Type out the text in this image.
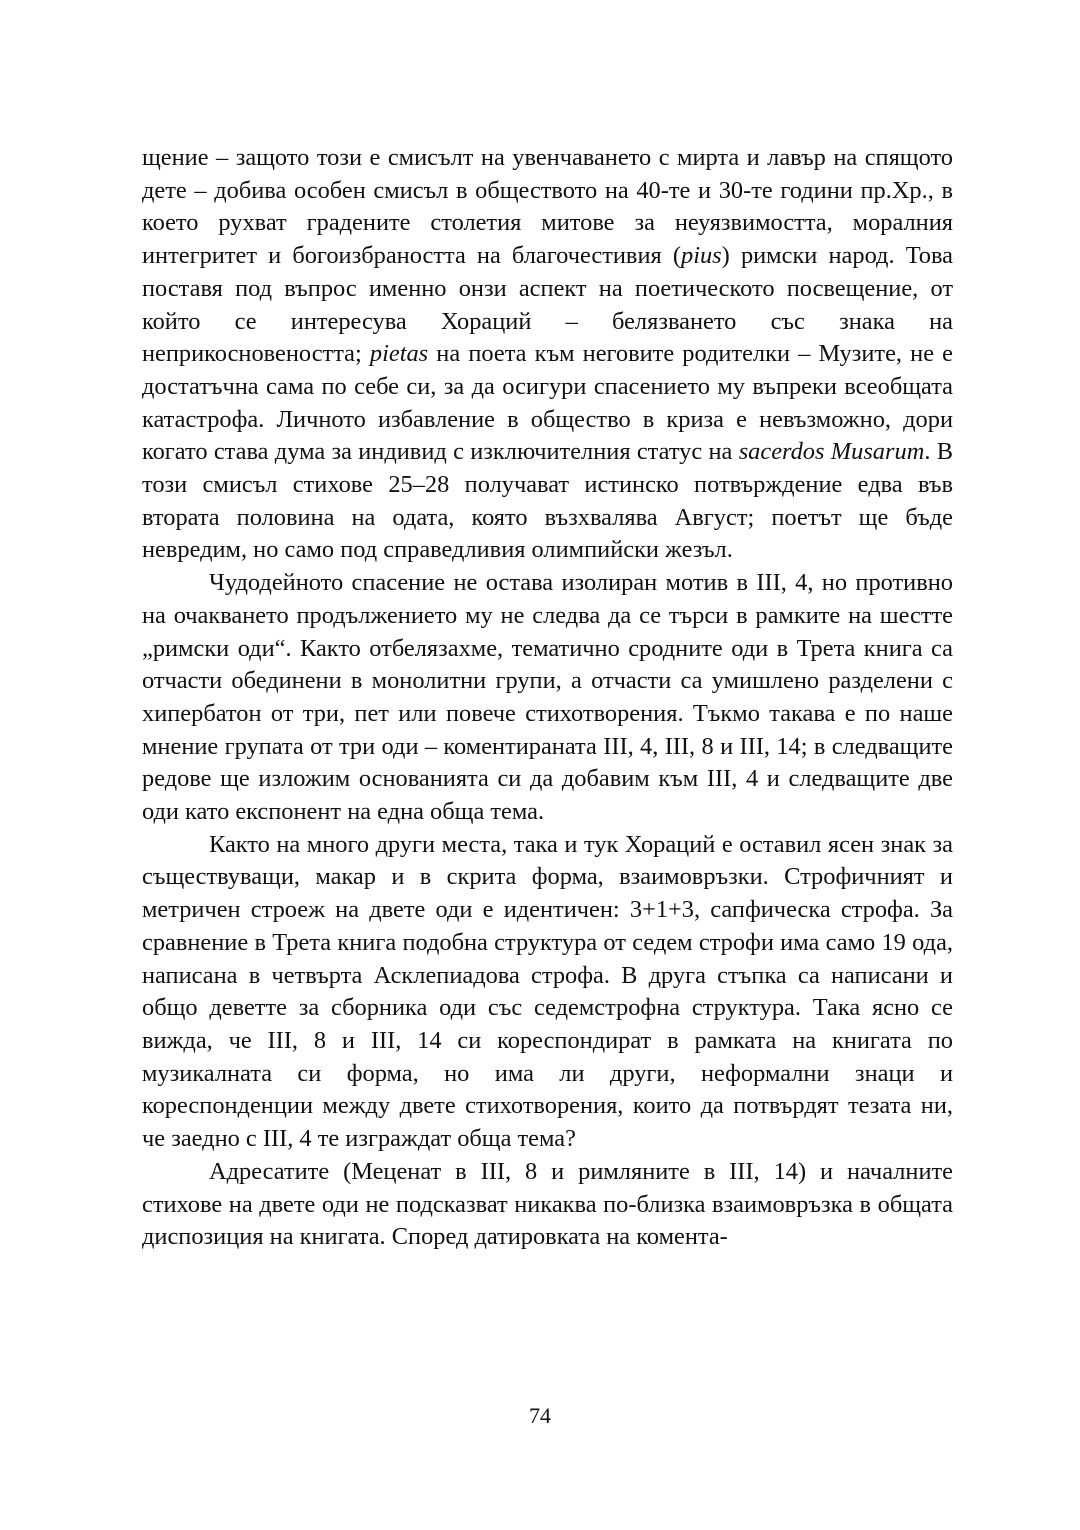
щение – защото този е смисълт на увенчаването с мирта и лавър на спящото дете – добива особен смисъл в обществото на 40-те и 30-те години пр.Хр., в което рухват градените столетия митове за неуязвимостта, моралния интегритет и богоизбраността на благочестивия (pius) римски народ. Това поставя под въпрос именно онзи аспект на поетическото посвещение, от който се интересува Хораций – белязването със знака на неприкосновеността; pietas на поета към неговите родителки – Музите, не е достатъчна сама по себе си, за да осигури спасението му въпреки всеобщата катастрофа. Личното избавление в общество в криза е невъзможно, дори когато става дума за индивид с изключителния статус на sacerdos Musarum. В този смисъл стихове 25–28 получават истинско потвърждение едва във втората половина на одата, която възхвалява Август; поетът ще бъде невредим, но само под справедливия олимпийски жезъл.

Чудодейното спасение не остава изолиран мотив в III, 4, но противно на очакването продължението му не следва да се търси в рамките на шестте „римски оди“. Както отбелязахме, тематично сродните оди в Трета книга са отчасти обединени в монолитни групи, а отчасти са умишлено разделени с хипербатон от три, пет или повече стихотворения. Тъкмо такава е по наше мнение групата от три оди – коментираната III, 4, III, 8 и III, 14; в следващите редове ще изложим основанията си да добавим към III, 4 и следващите две оди като експонент на една обща тема.

Както на много други места, така и тук Хораций е оставил ясен знак за съществуващи, макар и в скрита форма, взаимовръзки. Строфичният и метричен строеж на двете оди е идентичен: 3+1+3, сапфическа строфа. За сравнение в Трета книга подобна структура от седем строфи има само 19 ода, написана в четвърта Асклепиадова строфа. В друга стъпка са написани и общо деветте за сборника оди със седемстрофна структура. Така ясно се вижда, че III, 8 и III, 14 си кореспондират в рамката на книгата по музикалната си форма, но има ли други, неформални знаци и кореспонденции между двете стихотворения, които да потвърдят тезата ни, че заедно с III, 4 те изграждат обща тема?

Адресатите (Меценат в III, 8 и римляните в III, 14) и началните стихове на двете оди не подсказват никаква по-близка взаимовръзка в общата диспозиция на книгата. Според датировката на комента-

74
